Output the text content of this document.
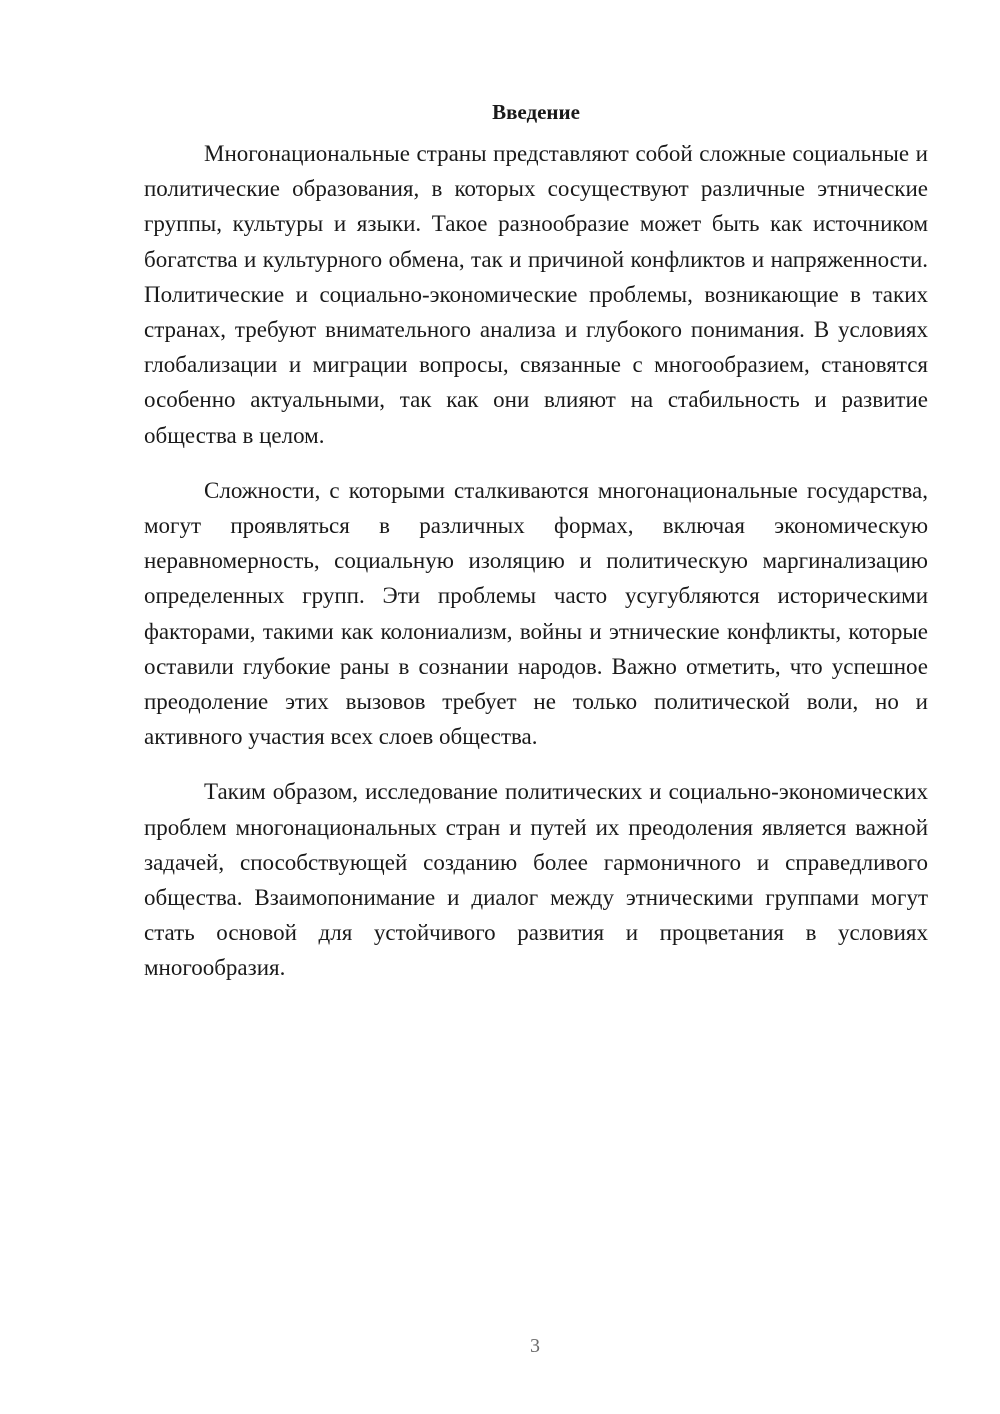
Введение

Многонациональные страны представляют собой сложные социальные и политические образования, в которых сосуществуют различные этнические группы, культуры и языки. Такое разнообразие может быть как источником богатства и культурного обмена, так и причиной конфликтов и напряженности. Политические и социально-экономические проблемы, возникающие в таких странах, требуют внимательного анализа и глубокого понимания. В условиях глобализации и миграции вопросы, связанные с многообразием, становятся особенно актуальными, так как они влияют на стабильность и развитие общества в целом.

Сложности, с которыми сталкиваются многонациональные государства, могут проявляться в различных формах, включая экономическую неравномерность, социальную изоляцию и политическую маргинализацию определенных групп. Эти проблемы часто усугубляются историческими факторами, такими как колониализм, войны и этнические конфликты, которые оставили глубокие раны в сознании народов. Важно отметить, что успешное преодоление этих вызовов требует не только политической воли, но и активного участия всех слоев общества.

Таким образом, исследование политических и социально-экономических проблем многонациональных стран и путей их преодоления является важной задачей, способствующей созданию более гармоничного и справедливого общества. Взаимопонимание и диалог между этническими группами могут стать основой для устойчивого развития и процветания в условиях многообразия.

3
